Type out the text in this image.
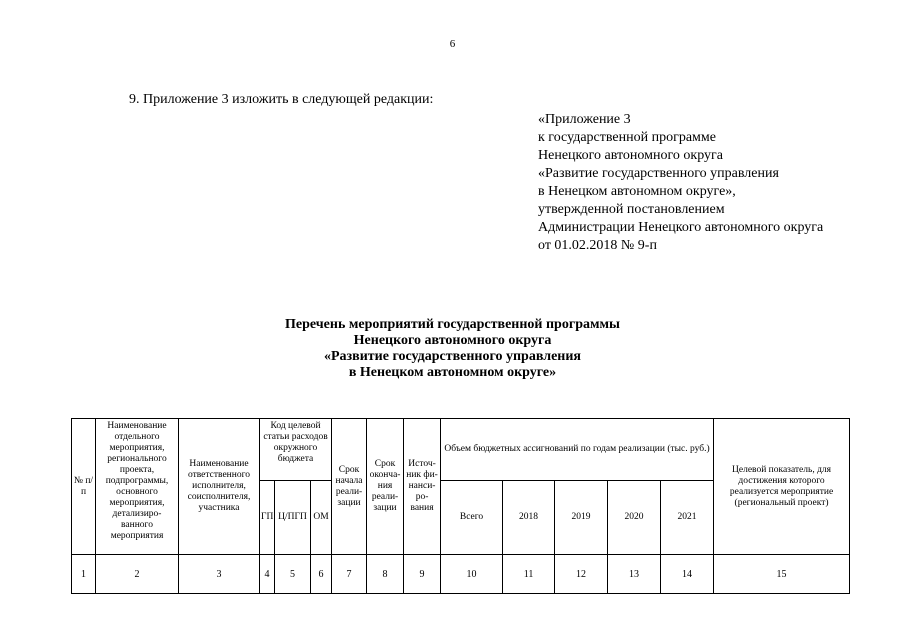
6
9. Приложение 3 изложить в следующей редакции:
«Приложение 3
к государственной программе
Ненецкого автономного округа
«Развитие государственного управления
в Ненецком автономном округе»,
утвержденной постановлением
Администрации Ненецкого автономного округа
от 01.02.2018 № 9-п
Перечень мероприятий государственной программы
Ненецкого автономного округа
«Развитие государственного управления
в Ненецком автономном округе»
№ п/п	Наименование отдельного мероприятия, регионального проекта, подпрограммы, основного мероприятия, детализиро-ванного мероприятия	Наименование ответственного исполнителя, соисполнителя, участника	Код целевой статьи расходов окружного бюджета			Срок начала реали-зации	Срок оконча-ния реали-зации	Источ-ник фи-нанси-ро-вания	Объем бюджетных ассигнований по годам реализации (тыс. руб.)					Целевой показатель, для достижения которого реализуется мероприятие (региональный проект)
			ГП	Ц/ПГП	ОМ				Всего	2018	2019	2020	2021	
1	2	3	4	5	6	7	8	9	10	11	12	13	14	15
